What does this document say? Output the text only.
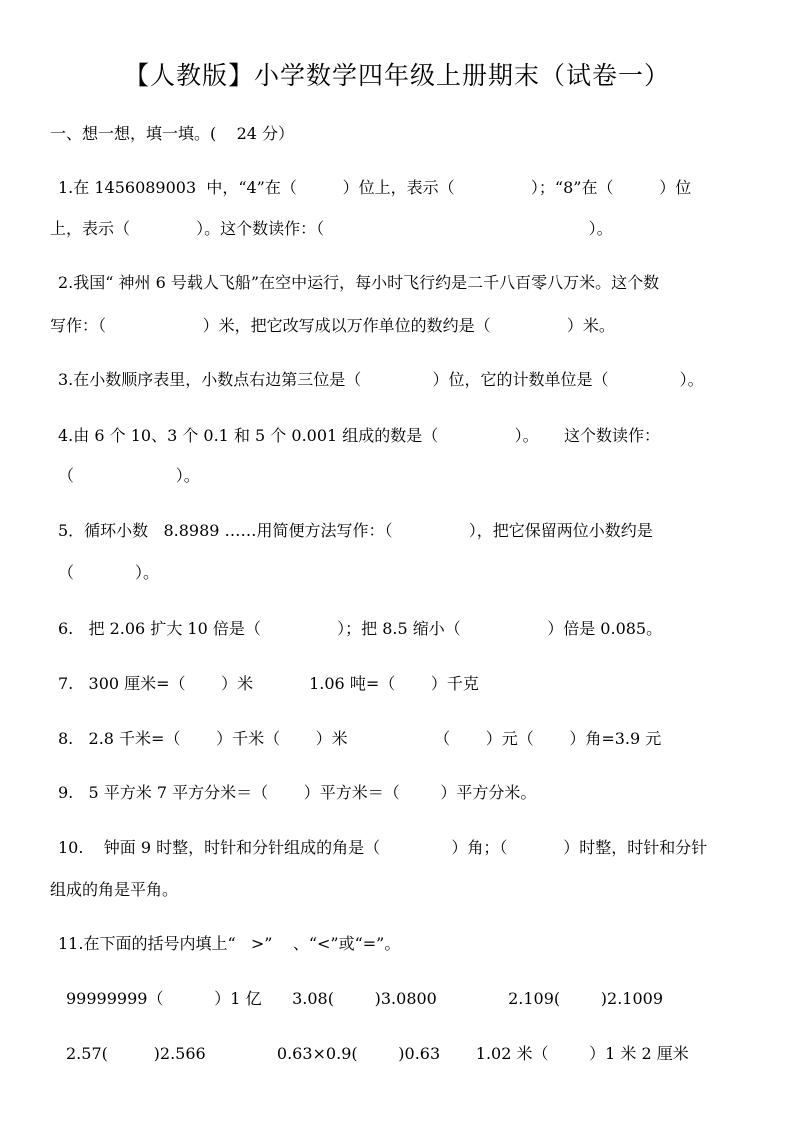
【人教版】小学数学四年级上册期末（试卷一）
一、想一想，填一填。(    24 分）
1.在 1456089003  中，“4”在（         ）位上，表示（               ）；“8”在（         ）位
上，表示（             ）。这个数读作：（                                                    ）。
2.我国“ 神州 6 号载人飞船”在空中运行，每小时飞行约是二千八百零八万米。这个数
写作：（                   ）米，把它改写成以万作单位的数约是（               ）米。
3.在小数顺序表里，小数点右边第三位是（              ）位，它的计数单位是（              ）。
4.由 6 个 10、3 个 0.1 和 5 个 0.001 组成的数是（               ）。     这个数读作：
（                    ）。
5．循环小数   8.8989 ……用简便方法写作：（               ），把它保留两位小数约是
（            ）。
6.   把 2.06 扩大 10 倍是（               ）；把 8.5 缩小（                 ）倍是 0.085。
7.   300 厘米=（       ）米           1.06 吨=（       ）千克
8.   2.8 千米=（       ）千米（       ）米                 （       ）元（       ）角=3.9 元
9.   5 平方米 7 平方分米＝（       ）平方米＝（        ）平方分米。
10.    钟面 9 时整，时针和分针组成的角是（              ）角；（           ）时整，时针和分针
组成的角是平角。
11.在下面的括号内填上“   >”    、“<”或“=”。
99999999（          ）1 亿      3.08(        )3.0800              2.109(        )2.1009
2.57(         )2.566              0.63×0.9(        )0.63       1.02 米（        ）1 米 2 厘米
